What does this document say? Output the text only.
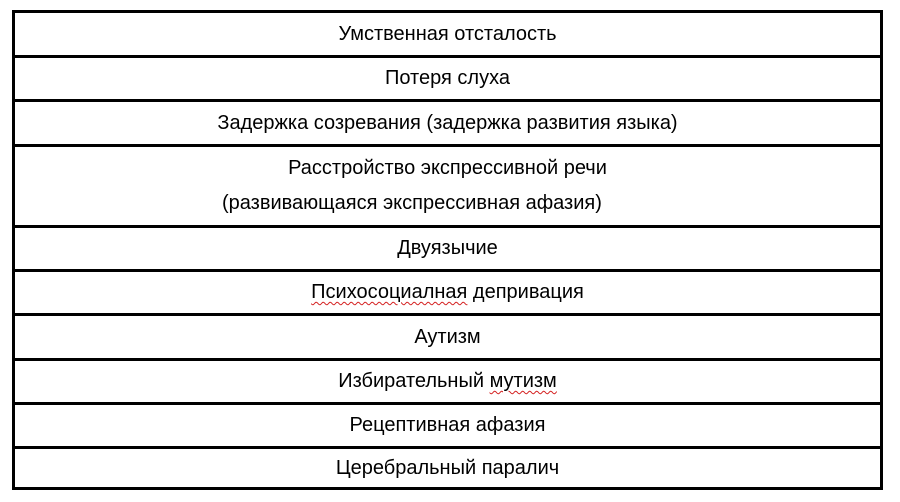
Умственная отсталость
Потеря слуха
Задержка созревания (задержка развития языка)
Расстройство экспрессивной речи
(развивающаяся экспрессивная афазия)
Двуязычие
Психосоциалная депривация
Аутизм
Избирательный мутизм
Рецептивная афазия
Церебральный паралич
